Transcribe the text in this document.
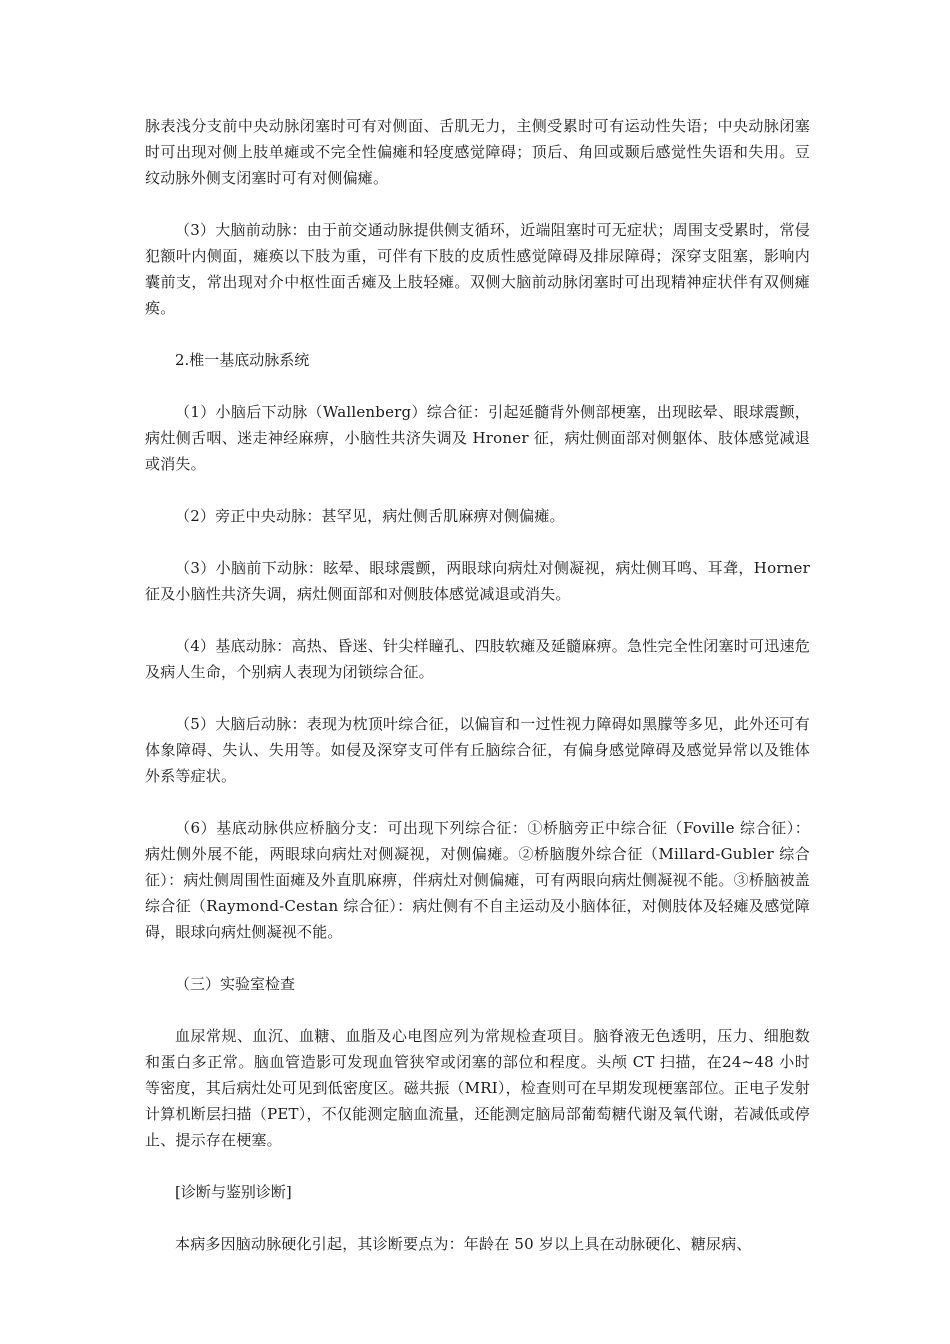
脉表浅分支前中央动脉闭塞时可有对侧面、舌肌无力，主侧受累时可有运动性失语；中央动脉闭塞时可出现对侧上肢单瘫或不完全性偏瘫和轻度感觉障碍；顶后、角回或颞后感觉性失语和失用。豆纹动脉外侧支闭塞时可有对侧偏瘫。

（3）大脑前动脉：由于前交通动脉提供侧支循环，近端阻塞时可无症状；周围支受累时，常侵犯额叶内侧面，瘫痪以下肢为重，可伴有下肢的皮质性感觉障碍及排尿障碍；深穿支阻塞，影响内囊前支，常出现对介中枢性面舌瘫及上肢轻瘫。双侧大脑前动脉闭塞时可出现精神症状伴有双侧瘫痪。

2.椎一基底动脉系统

（1）小脑后下动脉（Wallenberg）综合征：引起延髓背外侧部梗塞，出现眩晕、眼球震颤，病灶侧舌咽、迷走神经麻痹，小脑性共济失调及 Hroner 征，病灶侧面部对侧躯体、肢体感觉减退或消失。

（2）旁正中央动脉：甚罕见，病灶侧舌肌麻痹对侧偏瘫。

（3）小脑前下动脉：眩晕、眼球震颤，两眼球向病灶对侧凝视，病灶侧耳鸣、耳聋，Horner 征及小脑性共济失调，病灶侧面部和对侧肢体感觉减退或消失。

（4）基底动脉：高热、昏迷、针尖样瞳孔、四肢软瘫及延髓麻痹。急性完全性闭塞时可迅速危及病人生命，个别病人表现为闭锁综合征。

（5）大脑后动脉：表现为枕顶叶综合征，以偏盲和一过性视力障碍如黑朦等多见，此外还可有体象障碍、失认、失用等。如侵及深穿支可伴有丘脑综合征，有偏身感觉障碍及感觉异常以及锥体外系等症状。

（6）基底动脉供应桥脑分支：可出现下列综合征：①桥脑旁正中综合征（Foville 综合征）：病灶侧外展不能，两眼球向病灶对侧凝视，对侧偏瘫。②桥脑腹外综合征（Millard-Gubler 综合征）：病灶侧周围性面瘫及外直肌麻痹，伴病灶对侧偏瘫，可有两眼向病灶侧凝视不能。③桥脑被盖综合征（Raymond-Cestan 综合征）：病灶侧有不自主运动及小脑体征，对侧肢体及轻瘫及感觉障碍，眼球向病灶侧凝视不能。

（三）实验室检查

血尿常规、血沉、血糖、血脂及心电图应列为常规检查项目。脑脊液无色透明，压力、细胞数和蛋白多正常。脑血管造影可发现血管狭窄或闭塞的部位和程度。头颅 CT 扫描，在24~48 小时等密度，其后病灶处可见到低密度区。磁共振（MRI），检查则可在早期发现梗塞部位。正电子发射计算机断层扫描（PET），不仅能测定脑血流量，还能测定脑局部葡萄糖代谢及氧代谢，若减低或停止、提示存在梗塞。

[诊断与鉴别诊断]

本病多因脑动脉硬化引起，其诊断要点为：年龄在 50 岁以上具在动脉硬化、糖尿病、
